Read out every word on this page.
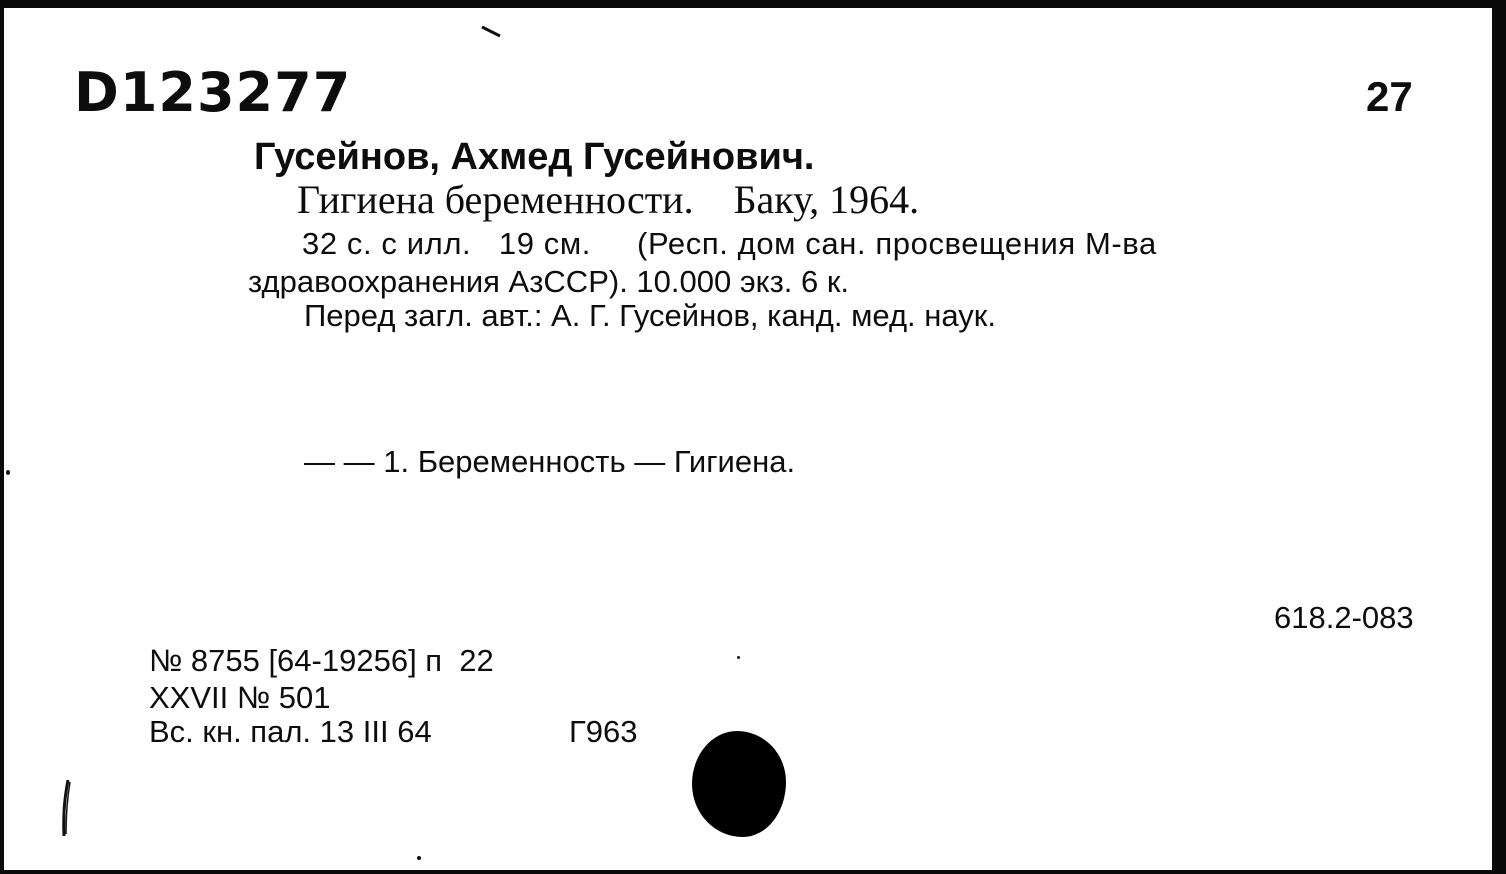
D123277	27
Гусейнов, Ахмед Гусейнович.
Гигиена беременности.    Баку, 1964.
32 с. с илл.   19 см.     (Респ. дом сан. просвещения М-ва
здравоохранения АзССР). 10.000 экз. 6 к.
Перед загл. авт.: А. Г. Гусейнов, канд. мед. наук.
— — 1. Беременность — Гигиена.
618.2-083
№ 8755 [64-19256] п  22
XXVII № 501
Вс. кн. пал. 13 III 64	Г963
